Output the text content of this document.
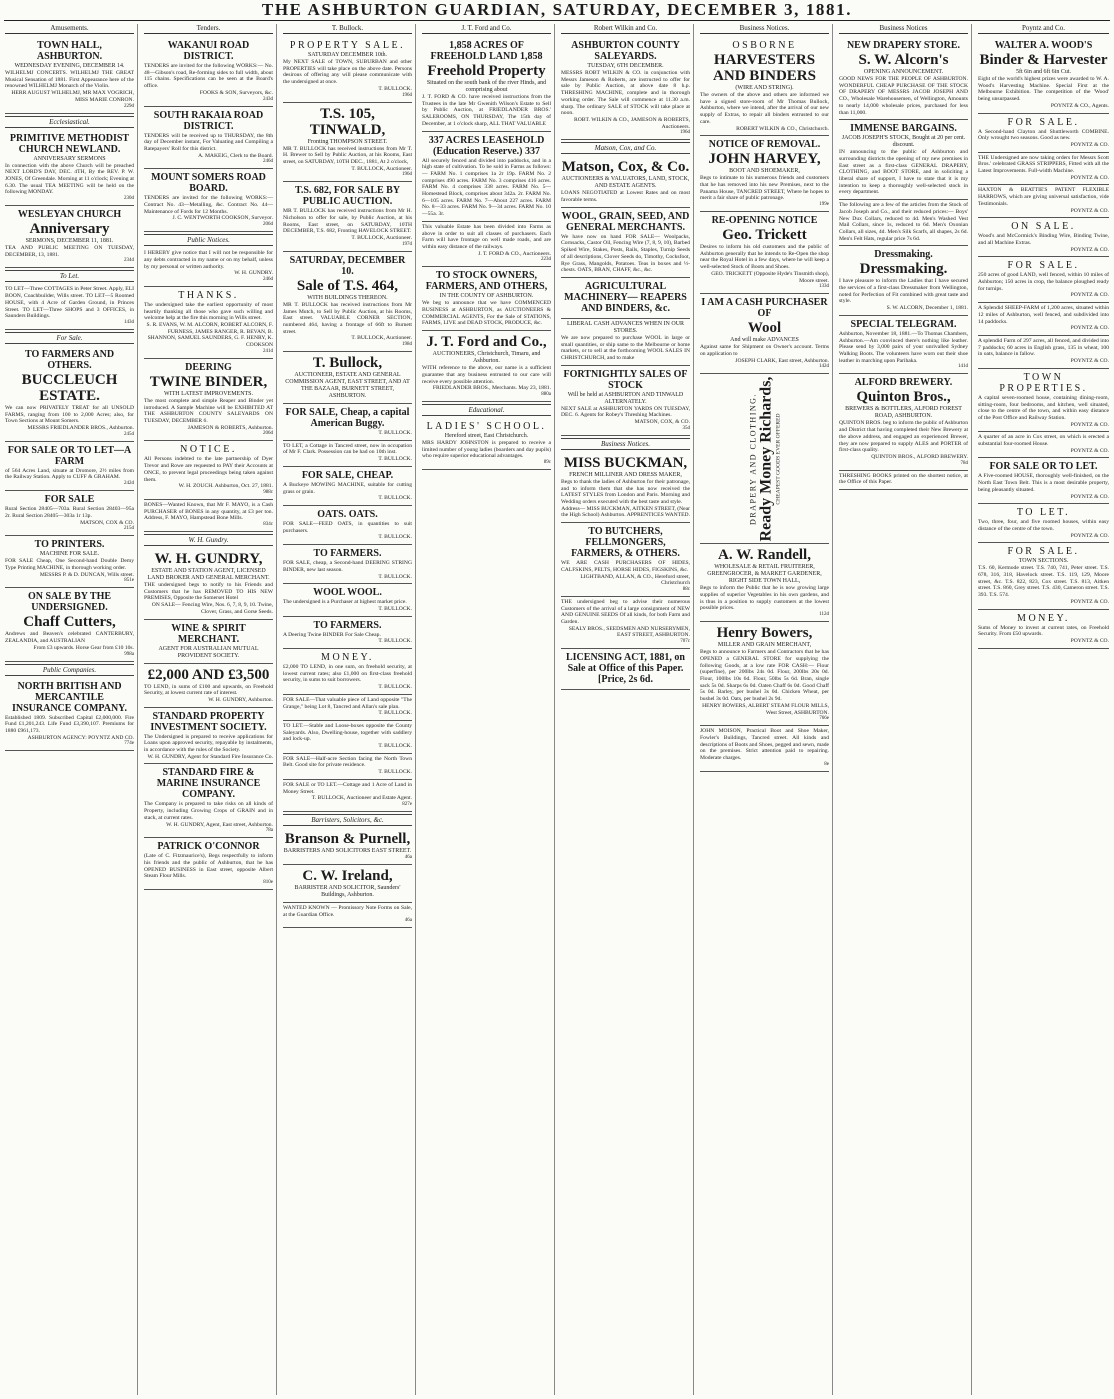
THE ASHBURTON GUARDIAN, SATURDAY, DECEMBER 3, 1881.
Amusements.
TOWN HALL, ASHBURTON.
WEDNESDAY EVENING, DECEMBER 14.
WILHELMJ CONCERTS. WILHELMJ THE GREAT Musical Sensation of 1881. First Appearance here of the renowned WILHELMJ Monarch of the Violin.
HERR AUGUST WILHELMJ, MR MAX VOGRICH, MISS MARIE CONRON.
229d
Ecclesiastical.
PRIMITIVE METHODIST CHURCH NEWLAND.
ANNIVERSARY SERMONS
In connection with the above Church will be preached NEXT LORD'S DAY, DEC. 4TH, By the REV. P. W. JONES, Of Greendale. Morning at 11 o'clock; Evening at 6.30. The usual TEA MEETING will be held on the following MONDAY.
230d
WESLEYAN CHURCH
Anniversary
SERMONS, DECEMBER 11, 1881.
TEA AND PUBLIC MEETING ON TUESDAY, DECEMBER, 13, 1881.
234d
To Let.
TO LET—Three COTTAGES in Peter Street. Apply, ELI BOON, Coachbuilder, Wills street. TO LET—5 Roomed HOUSE, with 4 Acre of Garden Ground, in Princes Street. TO LET—Three SHOPS and 3 OFFICES, in Saunders Buildings.
143d
For Sale.
TO FARMERS AND OTHERS.
BUCCLEUCH ESTATE.
We can now PRIVATELY TREAT for all UNSOLD FARMS, ranging from 100 to 2,000 Acres; also, for Town Sections at Mount Somers.
MESSRS FRIEDLANDER BROS., Ashburton.
245d
FOR SALE OR TO LET—A FARM
of 564 Acres Land, situate at Dromore, 2½ miles from the Railway Station. Apply to CUFF & GRAHAM.
242d
FOR SALE
Rural Section 28405—703a. Rural Section 28403—95a 2r. Rural Section 28405—303a 1r 13p.
MATSON, COX & CO.
215d
TO PRINTERS.
MACHINE FOR SALE.
FOR SALE Cheap, One Second-hand Double Demy Type Printing MACHINE, in thorough working order.
MESSRS P. & D. DUNCAN, Wills street.
851e
ON SALE BY THE UNDERSIGNED.
Chaff Cutters,
Andrews and Beaven's celebrated CANTERBURY, ZEALANDIA, and AUSTRALIAN
From £3 upwards. Horse Gear from £10 10s.
998a
Public Companies.
NORTH BRITISH AND MERCANTILE INSURANCE COMPANY.
Established 1809. Subscribed Capital £2,000,000. Fire Fund £1,201,243. Life Fund £3,390,107. Premiums for 1880 £961,173.
ASHBURTON AGENCY: POYNTZ AND CO.
774e
Tenders.
WAKANUI ROAD DISTRICT.
TENDERS are invited for the following WORKS:— No. 48—Gibson's road, Re-forming sides to full width, about 115 chains. Specifications can be seen at the Board's office.
FOOKS & SON, Surveyors, &c.
243d
SOUTH RAKAIA ROAD DISTRICT.
TENDERS will be received up to THURSDAY, the 8th day of December instant, For Valuating and Compiling a Ratepayers' Roll for this district.
A. MAKEIG, Clerk to the Board.
246d
MOUNT SOMERS ROAD BOARD.
TENDERS are invited for the following WORKS:— Contract No. 43—Metalling, &c. Contract No. 44—Maintenance of Fords for 12 Months.
J. C. WENTWORTH COOKSON, Surveyor.
206d
Public Notices.
I HEREBY give notice that I will not be responsible for any debts contracted in my name or on my behalf, unless by my personal or written authority.
W. H. GUNDRY.
246d
THANKS.
The undersigned take the earliest opportunity of most heartily thanking all those who gave such willing and welcome help at the fire this morning in Wills street.
S. R. EVANS, W. M. ALCORN, ROBERT ALCORN, F. FURNESS, JAMES RANGER, R. BEVAN, B. SHANNON, SAMUEL SAUNDERS, G. F. HENRY, K. COOKSON
241d
DEERING
TWINE BINDER,
WITH LATEST IMPROVEMENTS.
The most complete and simple Reaper and Binder yet introduced. A Sample Machine will be EXHIBITED AT THE ASHBURTON COUNTY SALEYARDS ON TUESDAY, DECEMBER 6.
JAMESON & ROBERTS, Ashburton.
206d
NOTICE.
All Persons indebted to the late partnership of Dyer Trevor and Rowe are requested to PAY their Accounts at ONCE, to prevent legal proceedings being taken against them.
W. H. ZOUCH. Ashburton, Oct. 27, 1881.
988c
BONES—Wanted Known, that Mr F. MAYO, is a Cash PURCHASER of BONES in any quantity, at £3 per ton. Address, F. MAYO, Hampstead Bone Mills.
834c
W. H. Gundry.
W. H. GUNDRY,
ESTATE AND STATION AGENT, LICENSED LAND BROKER AND GENERAL MERCHANT.
THE undersigned begs to notify to his Friends and Customers that he has REMOVED TO HIS NEW PREMISES, Opposite the Somerset Hotel
ON SALE— Fencing Wire, Nos. 6, 7, 8, 9, 10. Twine, Clover, Grass, and Gorse Seeds.
WINE & SPIRIT MERCHANT.
AGENT FOR AUSTRALIAN MUTUAL PROVIDENT SOCIETY.
£2,000 AND £3,500
TO LEND, in sums of £100 and upwards, on Freehold Security, at lowest current rate of interest.
W. H. GUNDRY, Ashburton.
STANDARD PROPERTY INVESTMENT SOCIETY.
The Undersigned is prepared to receive applications for Loans upon approved security, repayable by instalments, in accordance with the rules of the Society.
W. H. GUNDRY, Agent for Standard Fire Insurance Co.
STANDARD FIRE & MARINE INSURANCE COMPANY.
The Company is prepared to take risks on all kinds of Property, including Growing Crops of GRAIN and in stack, at current rates.
W. H. GUNDRY, Agent, East street, Ashburton.
78a
PATRICK O'CONNOR
(Late of C. Fitzmaurice's), Begs respectfully to inform his friends and the public of Ashburton, that he has OPENED BUSINESS in East street, opposite Albert Steam Flour Mills.
810e
T. Bullock.
PROPERTY SALE.
SATURDAY DECEMBER 10th.
My NEXT SALE of TOWN, SUBURBAN and other PROPERTIES will take place on the above date. Persons desirous of offering any will please communicate with the undersigned at once.
T. BULLOCK.
196d
T.S. 105, TINWALD,
Fronting THOMPSON STREET.
MR T. BULLOCK has received instructions from Mr T. H. Brewer to Sell by Public Auction, at his Rooms, East street, on SATURDAY, 10TH DEC., 1881, At 2 o'clock,
T. BULLOCK, Auctioneer.
196d
T.S. 682, FOR SALE BY PUBLIC AUCTION.
MR T. BULLOCK has received instructions from Mr H. Nicholson to offer for sale, by Public Auction, at his Rooms, East street, on SATURDAY, 10TH DECEMBER, T.S. 682, Fronting HAVELOCK STREET.
T. BULLOCK, Auctioneer.
197d
SATURDAY, DECEMBER 10.
Sale of T.S. 464,
WITH BUILDINGS THEREON.
MR T. BULLOCK has received instructions from Mr James Mutch, to Sell by Public Auction, at his Rooms, East street. VALUABLE CORNER SECTION, numbered 464, having a frontage of 66ft to Burnett street.
T. BULLOCK, Auctioneer.
198d
T. Bullock,
AUCTIONEER, ESTATE AND GENERAL COMMISSION AGENT, EAST STREET, AND AT THE BAZAAR, BURNETT STREET, ASHBURTON.
FOR SALE, Cheap, a capital American Buggy.
T. BULLOCK.
TO LET, a Cottage in Tancred street, now in occupation of Mr F. Clark. Possession can be had on 10th inst.
T. BULLOCK.
FOR SALE, CHEAP.
A Buckeye MOWING MACHINE, suitable for cutting grass or grain.
T. BULLOCK.
OATS. OATS.
FOR SALE—FEED OATS, in quantities to suit purchasers.
T. BULLOCK.
TO FARMERS.
FOR SALE, cheap, a Second-hand DEERING STRING BINDER, new last season.
T. BULLOCK.
WOOL WOOL.
The undersigned is a Purchaser at highest market price.
T. BULLOCK.
TO FARMERS.
A Deering Twine BINDER For Sale Cheap.
T. BULLOCK.
MONEY.
£2,000 TO LEND, in one sum, on freehold security, at lowest current rates; also £1,000 on first-class freehold security, in sums to suit borrowers.
T. BULLOCK.
FOR SALE—That valuable piece of Land opposite "The Grange," being Lot 8, Tancred and Allan's sale plan.
T. BULLOCK.
TO LET.—Stable and Loose-boxes opposite the County Saleyards. Also, Dwelling-house, together with saddlery and lock-up.
T. BULLOCK.
FOR SALE—Half-acre Section facing the North Town Belt. Good site for private residence.
T. BULLOCK.
FOR SALE or TO LET.—Cottage and 1 Acre of Land in Money Street.
T. BULLOCK, Auctioneer and Estate Agent.
827e
Barristers, Solicitors, &c.
Branson & Purnell,
BARRISTERS AND SOLICITORS EAST STREET.
46a
C. W. Ireland,
BARRISTER AND SOLICITOR, Saunders' Buildings, Ashburton.
WANTED KNOWN — Promissory Note Forms on Sale, at the Guardian Office.
46a
J. T. Ford and Co.
1,858 ACRES OF FREEHOLD LAND 1,858
Freehold Property
Situated on the south bank of the river Hinds, and comprising about
J. T. FORD & CO. have received instructions from the Trustees in the late Mr Gwenith Wilson's Estate to Sell by Public Auction, at FRIEDLANDER BROS.' SALEROOMS, ON THURSDAY, The 15th day of December, at 1 o'clock sharp, ALL THAT VALUABLE
337 ACRES LEASEHOLD (Education Reserve.) 337
All securely fenced and divided into paddocks, and in a high state of cultivation. To be sold in Farms as follows:— FARM No. 1 comprises 1a 2r 19p. FARM No. 2 comprises 490 acres. FARM No. 3 comprises 416 acres. FARM No. 4 comprises 338 acres. FARM No. 5—Homestead Block, comprises about 342a. 2r. FARM No. 6—105 acres. FARM No. 7—About 227 acres. FARM No. 8—33 acres. FARM No. 9—34 acres. FARM No. 10—55a. 3r.
This valuable Estate has been divided into Farms as above in order to suit all classes of purchasers. Each Farm will have frontage on well made roads, and are within easy distance of the railways.
J. T. FORD & CO., Auctioneers.
223d
TO STOCK OWNERS, FARMERS, AND OTHERS,
IN THE COUNTY OF ASHBURTON.
We beg to announce that we have COMMENCED BUSINESS at ASHBURTON, as AUCTIONEERS & COMMERCIAL AGENTS, For the Sale of STATIONS, FARMS, LIVE and DEAD STOCK, PRODUCE, &c.
J. T. Ford and Co.,
AUCTIONEERS, Christchurch, Timaru, and Ashburton.
WITH reference to the above, our name is a sufficient guarantee that any business entrusted to our care will receive every possible attention.
FRIEDLANDER BROS., Merchants. May 23, 1881.
880a
Educational.
LADIES' SCHOOL.
Hereford street, East Christchurch.
MRS HARDY JOHNSTON is prepared to receive a limited number of young ladies (boarders and day pupils) who require superior educational advantages.
89c
Robert Wilkin and Co.
ASHBURTON COUNTY SALEYARDS.
TUESDAY, 6TH DECEMBER.
MESSRS ROBT WILKIN & CO. in conjunction with Messrs Jameson & Roberts, are instructed to offer for sale by Public Auction, at above date 8 h.p. THRESHING MACHINE, complete and in thorough working order. The Sale will commence at 11.30 a.m. sharp. The ordinary SALE of STOCK will take place at noon.
ROBT. WILKIN & CO., JAMESON & ROBERTS, Auctioneers.
196d
Matson, Cox, and Co.
Matson, Cox, & Co.
AUCTIONEERS & VALUATORS, LAND, STOCK, AND ESTATE AGENTS.
LOANS NEGOTIATED at Lowest Rates and on most favorable terms.
WOOL, GRAIN, SEED, AND GENERAL MERCHANTS.
We have now on hand FOR SALE— Woolpacks, Cornsacks, Castor Oil, Fencing Wire (7, 8, 9, 10), Barbed Spiked Wire, Stakes, Posts, Rails, Staples, Turnip Seeds of all descriptions, Clover Seeds do, Timothy, Cocksfoot, Rye Grass, Mangolds, Potatoes. Teas in boxes and ½-chests. OATS, BRAN, CHAFF, &c., &c.
AGRICULTURAL MACHINERY— REAPERS AND BINDERS, &c.
LIBERAL CASH ADVANCES WHEN IN OUR STORES.
We are now prepared to purchase WOOL in large or small quantities, or ship same to the Melbourne or home markets, or to sell at the forthcoming WOOL SALES IN CHRISTCHURCH, and to make
FORTNIGHTLY SALES OF STOCK
Will be held at ASHBURTON AND TINWALD ALTERNATELY.
NEXT SALE at ASHBURTON YARDS ON TUESDAY, DEC. 6. Agents for Robey's Threshing Machines.
MATSON, COX, & CO.
35d
Business Notices.
MISS BUCKMAN,
FRENCH MILLINER AND DRESS MAKER,
Begs to thank the ladies of Ashburton for their patronage, and to inform them that she has now received the LATEST STYLES from London and Paris. Morning and Wedding orders executed with the best taste and style.
Address— MISS BUCKMAN, AITKEN STREET, (Near the High School) Ashburton. APPRENTICES WANTED.
TO BUTCHERS, FELLMONGERS, FARMERS, & OTHERS.
WE ARE CASH PURCHASERS OF HIDES, CALFSKINS, PELTS, HORSE HIDES, FIGSKINS, &c.
LIGHTBAND, ALLAN, & CO., Hereford street, Christchurch
88c
THE undersigned beg to advise their numerous Customers of the arrival of a large consignment of NEW AND GENUINE SEEDS Of all kinds, for both Farm and Garden.
SEALY BROS., SEEDSMEN AND NURSERYMEN, EAST STREET, ASHBURTON.
707c
LICENSING ACT, 1881, on Sale at Office of this Paper. [Price, 2s 6d.
Business Notices.
OSBORNE
HARVESTERS AND BINDERS
(WIRE AND STRING).
The owners of the above and others are informed we have a signed store-room of Mr Thomas Bullock, Ashburton, where we intend, after the arrival of our new supply of Extras, to repair all binders entrusted to our care.
ROBERT WILKIN & CO., Christchurch.
NOTICE OF REMOVAL.
JOHN HARVEY,
BOOT AND SHOEMAKER,
Begs to intimate to his numerous friends and customers that he has removed into his new Premises, next to the Panama House, TANCRED STREET, Where he hopes to merit a fair share of public patronage.
199e
RE-OPENING NOTICE
Geo. Trickett
Desires to inform his old customers and the public of Ashburton generally that he intends to Re-Open the shop near the Royal Hotel in a few days, where he will keep a well-selected Stock of Boots and Shoes.
GEO. TRICKETT (Opposite Hyde's Tinsmith shop), Moore street.
133d
I AM A CASH PURCHASER OF
Wool
And will make ADVANCES
Against same for Shipment on Owner's account. Terms on application to
JOSEPH CLARK, East street, Ashburton.
142d
DRAPERY AND CLOTHING. Ready Money Richards, CHEAPEST GOODS EVER OFFERED
A. W. Randell,
WHOLESALE & RETAIL FRUITERER, GREENGROCER, & MARKET GARDENER, RIGHT SIDE TOWN HALL,
Begs to inform the Public that he is now growing large supplies of superior Vegetables in his own gardens, and is thus in a position to supply customers at the lowest possible prices.
112d
Henry Bowers,
MILLER AND GRAIN MERCHANT,
Begs to announce to Farmers and Contractors that he has OPENED a GENERAL STORE for supplying the following Goods, at a low rate FOR CASH:— Flour (superfine), per 200lbs 24s 0d. Flour, 200lbs 20s 0d. Flour, 100lbs 10s 6d. Flour, 50lbs 5s 6d. Bran, single sack 5s 0d. Sharps 6s 0d. Oaten Chaff 6s 0d. Good Chaff 5s 0d. Barley, per bushel 3s 0d. Chicken Wheat, per bushel 3s 0d. Oats, per bushel 2s 9d.
HENRY BOWERS, ALBERT STEAM FLOUR MILLS, West Street, ASHBURTON.
766e
JOHN MOISON, Practical Boot and Shoe Maker, Fowler's Buildings, Tancred street. All kinds and descriptions of Boots and Shoes, pegged and sewn, made on the premises. Strict attention paid to repairing. Moderate charges.
8e
Business Notices
NEW DRAPERY STORE.
S. W. Alcorn's
OPENING ANNOUNCEMENT.
GOOD NEWS FOR THE PEOPLE OF ASHBURTON. WONDERFUL CHEAP PURCHASE OF THE STOCK OF DRAPERY OF MESSRS JACOB JOSEPH AND CO., Wholesale Warehousemen, of Wellington, Amounts to nearly 14,000 wholesale prices, purchased for less than 11,000.
IMMENSE BARGAINS.
JACOB JOSEPH'S STOCK, Bought at 20 per cent. discount.
IN announcing to the public of Ashburton and surrounding districts the opening of my new premises in East street as a first-class GENERAL DRAPERY, CLOTHING, and BOOT STORE, and in soliciting a liberal share of support, I have to state that it is my intention to keep a thoroughly well-selected stock in every department.
The following are a few of the articles from the Stock of Jacob Joseph and Co., and their reduced prices:— Boys' New Dux Collars, reduced to 4d. Men's Washed Vest Mail Collars, since 1s, reduced to 6d. Men's Oxonian Collars, all sizes, 4d. Men's Silk Scarfs, all shapes, 2s 6d. Men's Felt Hats, regular price 7s 6d.
Dressmaking.
Dressmaking.
I have pleasure to inform the Ladies that I have secured the services of a first-class Dressmaker from Wellington, noted for Perfection of Fit combined with great taste and style.
S. W. ALCORN, December 1, 1881.
SPECIAL TELEGRAM.
Ashburton, November 18, 1881.—To Thomas Chambers, Ashburton.—Am convinced there's nothing like leather. Please send by 3,000 pairs of your unrivalled Sydney Walking Boots. The volunteers have worn out their shoe leather in marching upon Parihaka.
141d
ALFORD BREWERY.
Quinton Bros.,
BREWERS & BOTTLERS, ALFORD FOREST ROAD, ASHBURTON.
QUINTON BROS. beg to inform the public of Ashburton and District that having completed their New Brewery at the above address, and engaged an experienced Brewer, they are now prepared to supply ALES and PORTER of first-class quality.
QUINTON BROS., ALFORD BREWERY.
78d
THRESHING BOOKS printed on the shortest notice, at the Office of this Paper.
Poyntz and Co.
WALTER A. WOOD'S
Binder & Harvester
5ft 6in and 6ft 6in Cut.
Eight of the world's highest prizes were awarded to W. A. Wood's Harvesting Machine. Special First at the Melbourne Exhibition. The competition of the 'Wood' being unsurpassed.
POYNTZ & CO., Agents.
FOR SALE.
A Second-hand Clayton and Shuttleworth COMBINE. Only wrought two seasons. Good as new.
POYNTZ & CO.
THE Undersigned are now taking orders for Messrs Scott Bros.' celebrated GRASS STRIPPERS, Fitted with all the Latest Improvements. Full-width Machine.
POYNTZ & CO.
HAXTON & BEATTIE'S PATENT FLEXIBLE HARROWS, which are giving universal satisfaction, vide Testimonials.
POYNTZ & CO.
ON SALE.
Wood's and McCormick's Binding Wire, Binding Twine, and all Machine Extras.
POYNTZ & CO.
FOR SALE.
250 acres of good LAND, well fenced, within 10 miles of Ashburton; 150 acres in crop, the balance ploughed ready for turnips.
POYNTZ & CO.
A Splendid SHEEP-FARM of 1,200 acres, situated within 12 miles of Ashburton, well fenced, and subdivided into 14 paddocks.
POYNTZ & CO.
A splendid Farm of 297 acres, all fenced, and divided into 7 paddocks; 60 acres in English grass, 135 in wheat, 100 in oats, balance in fallow.
POYNTZ & CO.
TOWN PROPERTIES.
A capital seven-roomed house, containing dining-room, sitting-room, four bedrooms, and kitchen, well situated, close to the centre of the town, and within easy distance of the Post Office and Railway Station.
POYNTZ & CO.
A quarter of an acre in Cox street, on which is erected a substantial four-roomed House.
POYNTZ & CO.
FOR SALE OR TO LET.
A Five-roomed HOUSE, thoroughly well-finished, on the North East Town Belt. This is a most desirable property, being pleasantly situated.
POYNTZ & CO.
TO LET.
Two, three, four, and five roomed houses, within easy distance of the centre of the town.
POYNTZ & CO.
FOR SALE.
TOWN SECTIONS.
T.S. 60, Kermode street. T.S. 740, 741, Peter street. T.S. 678, 316, 318, Havelock street. T.S. 119, 129, Moore street, &c. T.S. 822, 823, Cox street. T.S. 813, Aitken street. T.S. 860, Grey street. T.S. 430, Cameron street. T.S. 393. T.S. 574.
POYNTZ & CO.
MONEY.
Sums of Money to invest at current rates, on Freehold Security. From £50 upwards.
POYNTZ & CO.
